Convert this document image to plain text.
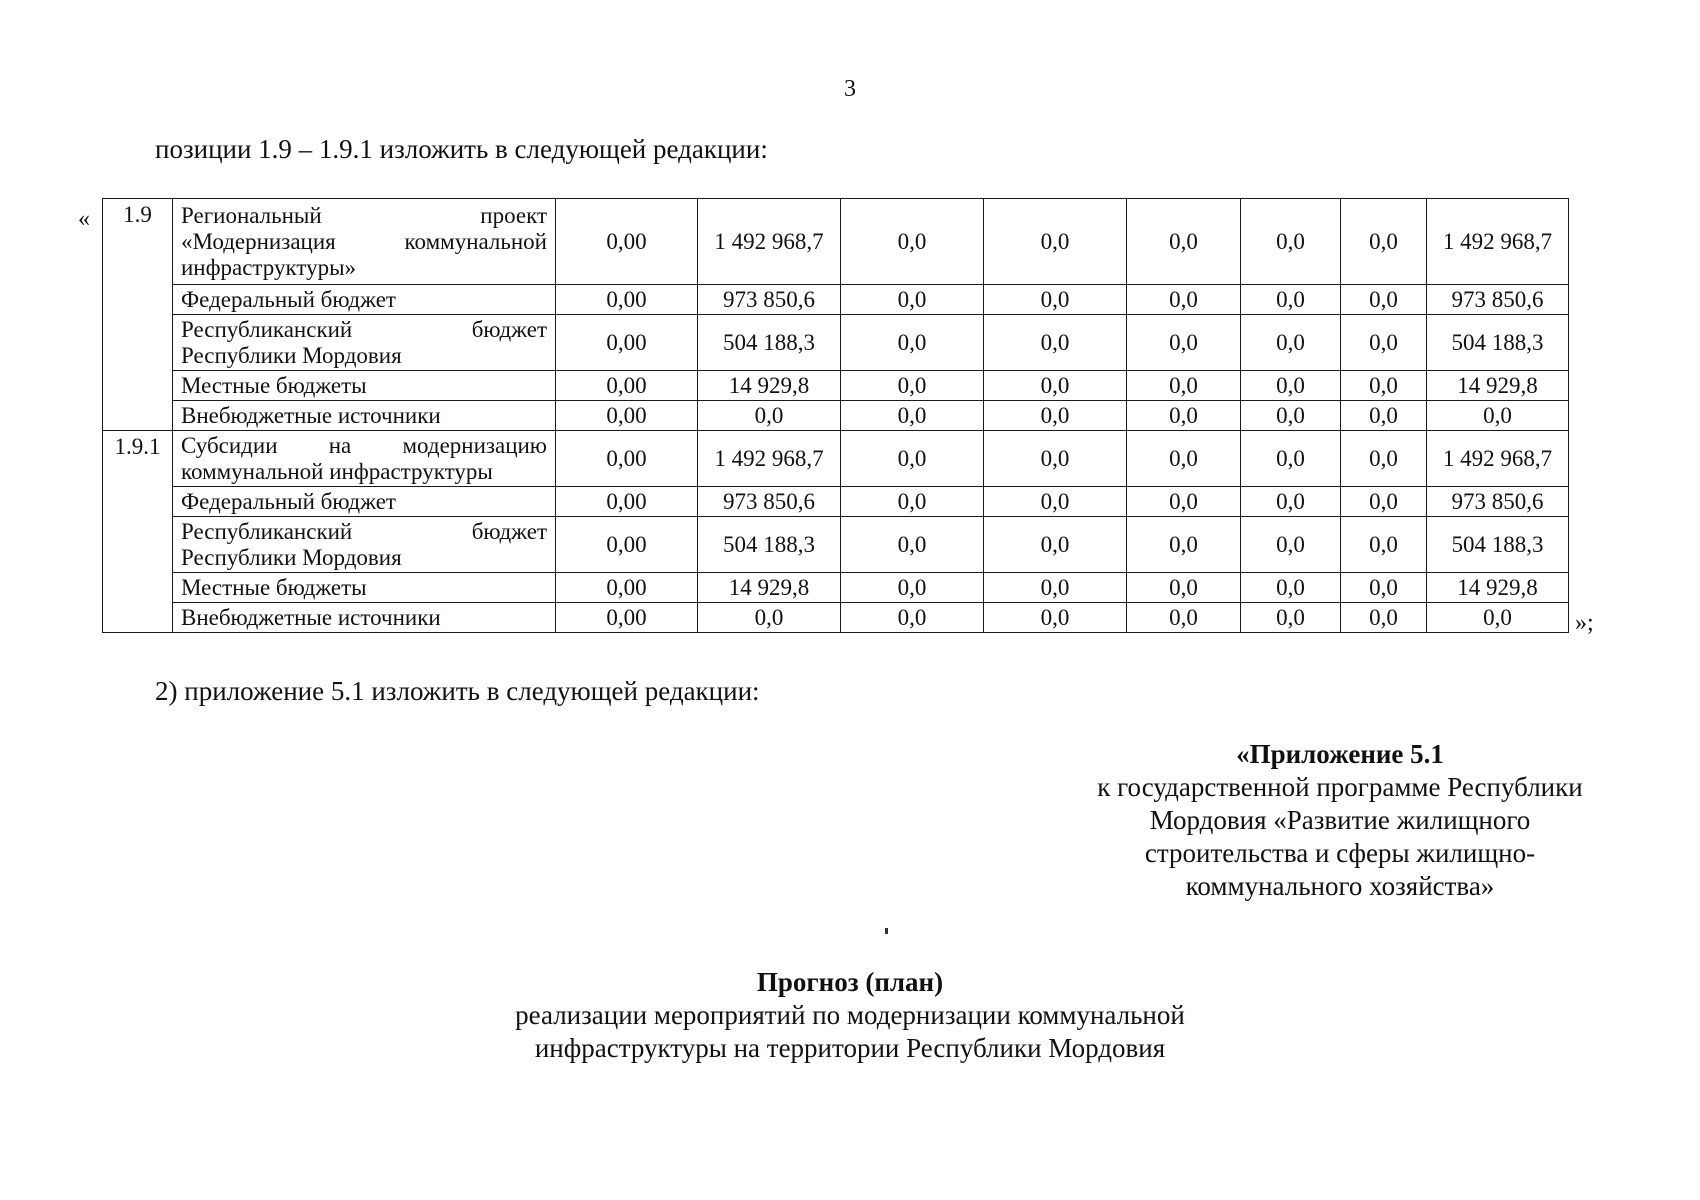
3
позиции 1.9 – 1.9.1 изложить в следующей редакции:
« 1.9	Региональный проект «Модернизация коммунальной инфраструктуры»	0,00	1 492 968,7	0,0	0,0	0,0	0,0	0,0	1 492 968,7
	Федеральный бюджет	0,00	973 850,6	0,0	0,0	0,0	0,0	0,0	973 850,6
	Республиканский бюджет Республики Мордовия	0,00	504 188,3	0,0	0,0	0,0	0,0	0,0	504 188,3
	Местные бюджеты	0,00	14 929,8	0,0	0,0	0,0	0,0	0,0	14 929,8
	Внебюджетные источники	0,00	0,0	0,0	0,0	0,0	0,0	0,0	0,0
1.9.1	Субсидии на модернизацию коммунальной инфраструктуры	0,00	1 492 968,7	0,0	0,0	0,0	0,0	0,0	1 492 968,7
	Федеральный бюджет	0,00	973 850,6	0,0	0,0	0,0	0,0	0,0	973 850,6
	Республиканский бюджет Республики Мордовия	0,00	504 188,3	0,0	0,0	0,0	0,0	0,0	504 188,3
	Местные бюджеты	0,00	14 929,8	0,0	0,0	0,0	0,0	0,0	14 929,8
	Внебюджетные источники	0,00	0,0	0,0	0,0	0,0	0,0	0,0	0,0	»;
2) приложение 5.1 изложить в следующей редакции:
«Приложение 5.1
к государственной программе Республики
Мордовия «Развитие жилищного
строительства и сферы жилищно-
коммунального хозяйства»
Прогноз (план)
реализации мероприятий по модернизации коммунальной
инфраструктуры на территории Республики Мордовия
